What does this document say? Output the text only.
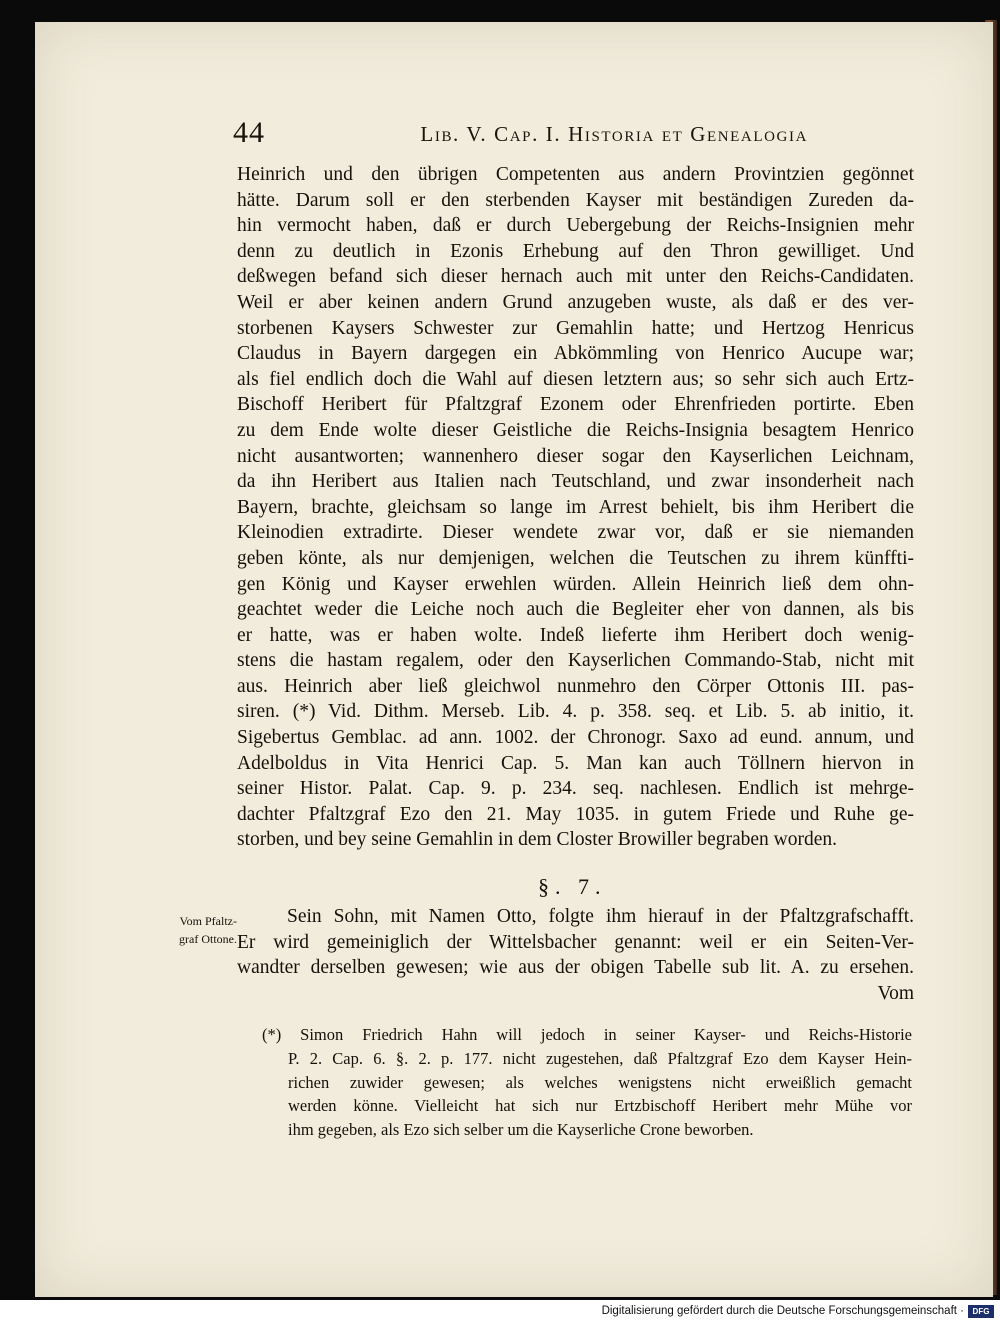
44	Lib. V. Cap. I. Historia et Genealogia
Heinrich und den übrigen Competenten aus andern Provintzien gegönnet
hätte. Darum soll er den sterbenden Kayser mit beständigen Zureden da-
hin vermocht haben, daß er durch Uebergebung der Reichs-Insignien mehr
denn zu deutlich in Ezonis Erhebung auf den Thron gewilliget. Und
deßwegen befand sich dieser hernach auch mit unter den Reichs-Candidaten.
Weil er aber keinen andern Grund anzugeben wuste, als daß er des ver-
storbenen Kaysers Schwester zur Gemahlin hatte; und Hertzog Henricus
Claudus in Bayern dargegen ein Abkömmling von Henrico Aucupe war;
als fiel endlich doch die Wahl auf diesen letztern aus; so sehr sich auch Ertz-
Bischoff Heribert für Pfaltzgraf Ezonem oder Ehrenfrieden portirte. Eben
zu dem Ende wolte dieser Geistliche die Reichs-Insignia besagtem Henrico
nicht ausantworten; wannenhero dieser sogar den Kayserlichen Leichnam,
da ihn Heribert aus Italien nach Teutschland, und zwar insonderheit nach
Bayern, brachte, gleichsam so lange im Arrest behielt, bis ihm Heribert die
Kleinodien extradirte. Dieser wendete zwar vor, daß er sie niemanden
geben könte, als nur demjenigen, welchen die Teutschen zu ihrem künffti-
gen König und Kayser erwehlen würden. Allein Heinrich ließ dem ohn-
geachtet weder die Leiche noch auch die Begleiter eher von dannen, als bis
er hatte, was er haben wolte. Indeß lieferte ihm Heribert doch wenig-
stens die hastam regalem, oder den Kayserlichen Commando-Stab, nicht mit
aus. Heinrich aber ließ gleichwol nunmehro den Cörper Ottonis III. pas-
siren. (*) Vid. Dithm. Merseb. Lib. 4. p. 358. seq. et Lib. 5. ab initio, it.
Sigebertus Gemblac. ad ann. 1002. der Chronogr. Saxo ad eund. annum, und
Adelboldus in Vita Henrici Cap. 5. Man kan auch Töllnern hiervon in
seiner Histor. Palat. Cap. 9. p. 234. seq. nachlesen. Endlich ist mehrge-
dachter Pfaltzgraf Ezo den 21. May 1035. in gutem Friede und Ruhe ge-
storben, und bey seine Gemahlin in dem Closter Browiller begraben worden.
§. 7.
Vom Pfaltz-
graf Ottone.
Sein Sohn, mit Namen Otto, folgte ihm hierauf in der Pfaltzgrafschafft.
Er wird gemeiniglich der Wittelsbacher genannt: weil er ein Seiten-Ver-
wandter derselben gewesen; wie aus der obigen Tabelle sub lit. A. zu ersehen.
Vom
(*) Simon Friedrich Hahn will jedoch in seiner Kayser- und Reichs-Historie
P. 2. Cap. 6. §. 2. p. 177. nicht zugestehen, daß Pfaltzgraf Ezo dem Kayser Hein-
richen zuwider gewesen; als welches wenigstens nicht erweißlich gemacht
werden könne. Vielleicht hat sich nur Ertzbischoff Heribert mehr Mühe vor
ihm gegeben, als Ezo sich selber um die Kayserliche Crone beworben.
Digitalisierung gefördert durch die Deutsche Forschungsgemeinschaft ·	DFG
